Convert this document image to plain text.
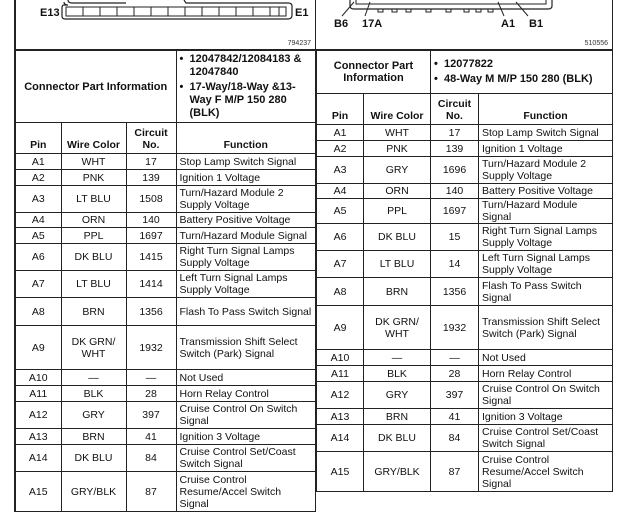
E13	E1
794237
Connector Part Information			• 12047842/12084183 & 12047840
• 17-Way/18-Way &13-Way F M/P 150 280 (BLK)

Pin	Wire Color	Circuit No.	Function
A1	WHT	17	Stop Lamp Switch Signal
A2	PNK	139	Ignition 1 Voltage
A3	LT BLU	1508	Turn/Hazard Module 2 Supply Voltage
A4	ORN	140	Battery Positive Voltage
A5	PPL	1697	Turn/Hazard Module Signal
A6	DK BLU	1415	Right Turn Signal Lamps Supply Voltage
A7	LT BLU	1414	Left Turn Signal Lamps Supply Voltage
A8	BRN	1356	Flash To Pass Switch Signal
A9	DK GRN/ WHT	1932	Transmission Shift Select Switch (Park) Signal
A10	—	—	Not Used
A11	BLK	28	Horn Relay Control
A12	GRY	397	Cruise Control On Switch Signal
A13	BRN	41	Ignition 3 Voltage
A14	DK BLU	84	Cruise Control Set/Coast Switch Signal
A15	GRY/BLK	87	Cruise Control Resume/Accel Switch Signal
B6 17A	A1 B1
510556
Connector Part Information		• 12077822
• 48-Way M M/P 150 280 (BLK)	

Pin	Wire Color	Circuit No.	Function
A1	WHT	17	Stop Lamp Switch Signal
A2	PNK	139	Ignition 1 Voltage
A3	GRY	1696	Turn/Hazard Module 2 Supply Voltage
A4	ORN	140	Battery Positive Voltage
A5	PPL	1697	Turn/Hazard Module Signal
A6	DK BLU	15	Right Turn Signal Lamps Supply Voltage
A7	LT BLU	14	Left Turn Signal Lamps Supply Voltage
A8	BRN	1356	Flash To Pass Switch Signal
A9	DK GRN/ WHT	1932	Transmission Shift Select Switch (Park) Signal
A10	—	—	Not Used
A11	BLK	28	Horn Relay Control
A12	GRY	397	Cruise Control On Switch Signal
A13	BRN	41	Ignition 3 Voltage
A14	DK BLU	84	Cruise Control Set/Coast Switch Signal
A15	GRY/BLK	87	Cruise Control Resume/Accel Switch Signal
